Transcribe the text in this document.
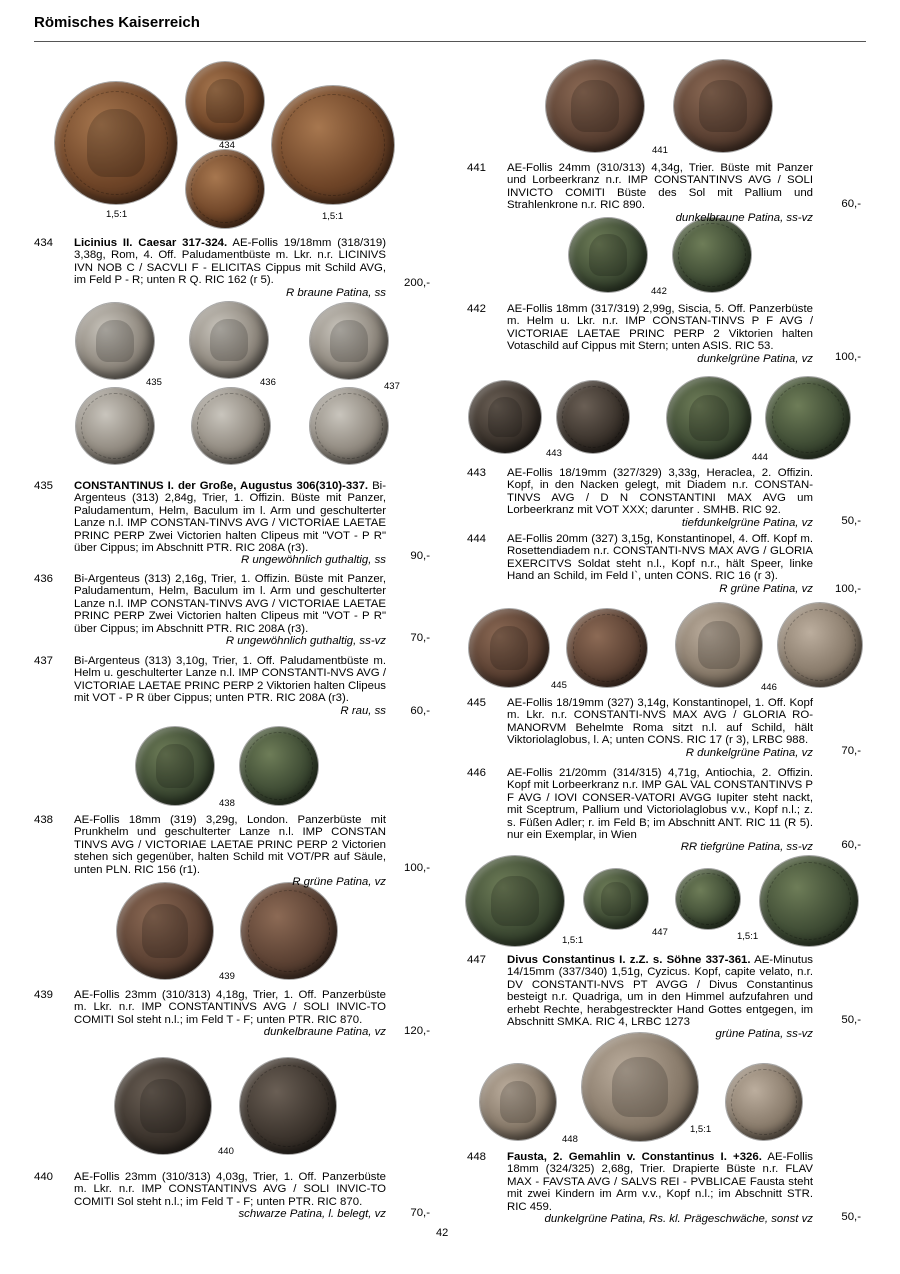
Römisches Kaiserreich
434
1,5:1	1,5:1
435	436	437
438
439
440
441
442
443	444
445	446
1,5:1
447	1,5:1
448
1,5:1
434 Licinius II. Caesar 317-324. AE-Follis 19/18mm (318/319) 3,38g, Rom, 4. Off. Paludamentbüste m. Lkr. n.r. LICINIVS IVN NOB C / SACVLI F - ELICITAS Cippus mit Schild AVG, im Feld P - R; unten R Q. RIC 162 (r 5).
R braune Patina, ss
200,-
435 CONSTANTINUS I. der Große, Augustus 306(310)-337. Bi-Argenteus (313) 2,84g, Trier, 1. Offizin. Büste mit Panzer, Paludamentum, Helm, Baculum im l. Arm und geschulterter Lanze n.l. IMP CONSTAN-TINVS AVG / VICTORIAE LAETAE PRINC PERP Zwei Victorien halten Clipeus mit "VOT - P R" über Cippus; im Abschnitt PTR. RIC 208A (r3).
R ungewöhnlich guthaltig, ss 90,-
436 Bi-Argenteus (313) 2,16g, Trier, 1. Offizin. Büste mit Panzer, Paludamentum, Helm, Baculum im l. Arm und geschulterter Lanze n.l. IMP CONSTAN-TINVS AVG / VICTORIAE LAETAE PRINC PERP Zwei Victorien halten Clipeus mit "VOT - P R" über Cippus; im Abschnitt PTR. RIC 208A (r3).
R ungewöhnlich guthaltig, ss-vz 70,-
437 Bi-Argenteus (313) 3,10g, Trier, 1. Off. Paludamentbüste m. Helm u. geschulterter Lanze n.l. IMP CONSTANTI-NVS AVG / VICTORIAE LAETAE PRINC PERP 2 Viktorien halten Clipeus mit VOT - P R über Cippus; unten PTR. RIC 208A (r3).
R rau, ss 60,-
438 AE-Follis 18mm (319) 3,29g, London. Panzerbüste mit Prunkhelm und geschulterter Lanze n.l. IMP CONSTAN TINVS AVG / VICTORIAE LAETAE PRINC PERP 2 Victorien stehen sich gegenüber, halten Schild mit VOT/PR auf Säule, unten PLN. RIC 156 (r1).
R grüne Patina, vz
100,-
439 AE-Follis 23mm (310/313) 4,18g, Trier, 1. Off. Panzerbüste m. Lkr. n.r. IMP CONSTANTINVS AVG / SOLI INVIC-TO COMITI Sol steht n.l.; im Feld T - F; unten PTR. RIC 870.
dunkelbraune Patina, vz 120,-
440 AE-Follis 23mm (310/313) 4,03g, Trier, 1. Off. Panzerbüste m. Lkr. n.r. IMP CONSTANTINVS AVG / SOLI INVIC-TO COMITI Sol steht n.l.; im Feld T - F; unten PTR. RIC 870.
schwarze Patina, l. belegt, vz 70,-
441 AE-Follis 24mm (310/313) 4,34g, Trier. Büste mit Panzer und Lorbeerkranz n.r. IMP CONSTANTINVS AVG / SOLI INVICTO COMITI Büste des Sol mit Pallium und Strahlenkrone n.r. RIC 890.
dunkelbraune Patina, ss-vz
60,-
442 AE-Follis 18mm (317/319) 2,99g, Siscia, 5. Off. Panzerbüste m. Helm u. Lkr. n.r. IMP CONSTAN-TINVS P F AVG / VICTORIAE LAETAE PRINC PERP 2 Viktorien halten Votaschild auf Cippus mit Stern; unten ASIS. RIC 53.
dunkelgrüne Patina, vz 100,-
443 AE-Follis 18/19mm (327/329) 3,33g, Heraclea, 2. Offizin. Kopf, in den Nacken gelegt, mit Diadem n.r. CONSTAN-TINVS AVG / D N CONSTANTINI MAX AVG um Lorbeerkranz mit VOT XXX; darunter . SMHB. RIC 92.
tiefdunkelgrüne Patina, vz 50,-
444 AE-Follis 20mm (327) 3,15g, Konstantinopel, 4. Off. Kopf m. Rosettendiadem n.r. CONSTANTI-NVS MAX AVG / GLORIA EXERCITVS Soldat steht n.l., Kopf n.r., hält Speer, linke Hand an Schild, im Feld I`, unten CONS. RIC 16 (r 3).
R grüne Patina, vz 100,-
445 AE-Follis 18/19mm (327) 3,14g, Konstantinopel, 1. Off. Kopf m. Lkr. n.r. CONSTANTI-NVS MAX AVG / GLORIA RO-MANORVM Behelmte Roma sitzt n.l. auf Schild, hält Viktoriolaglobus, l. A; unten CONS. RIC 17 (r 3), LRBC 988.
R dunkelgrüne Patina, vz 70,-
446 AE-Follis 21/20mm (314/315) 4,71g, Antiochia, 2. Offizin. Kopf mit Lorbeerkranz n.r. IMP GAL VAL CONSTANTINVS P F AVG / IOVI CONSER-VATORI AVGG Iupiter steht nackt, mit Sceptrum, Pallium und Victoriolaglobus v.v., Kopf n.l.; z. s. Füßen Adler; r. im Feld B; im Abschnitt ANT. RIC 11 (R 5). nur ein Exemplar, in Wien
RR tiefgrüne Patina, ss-vz 60,-
447 Divus Constantinus I. z.Z. s. Söhne 337-361. AE-Minutus 14/15mm (337/340) 1,51g, Cyzicus. Kopf, capite velato, n.r. DV CONSTANTI-NVS PT AVGG / Divus Constantinus besteigt n.r. Quadriga, um in den Himmel aufzufahren und erhebt Rechte, herabgestreckter Hand Gottes entgegen, im Abschnitt SMKA. RIC 4, LRBC 1273
grüne Patina, ss-vz
50,-
448 Fausta, 2. Gemahlin v. Constantinus I. +326. AE-Follis 18mm (324/325) 2,68g, Trier. Drapierte Büste n.r. FLAV MAX - FAVSTA AVG / SALVS REI - PVBLICAE Fausta steht mit zwei Kindern im Arm v.v., Kopf n.l.; im Abschnitt STR. RIC 459.
dunkelgrüne Patina, Rs. kl. Prägeschwäche, sonst vz 50,-
42
